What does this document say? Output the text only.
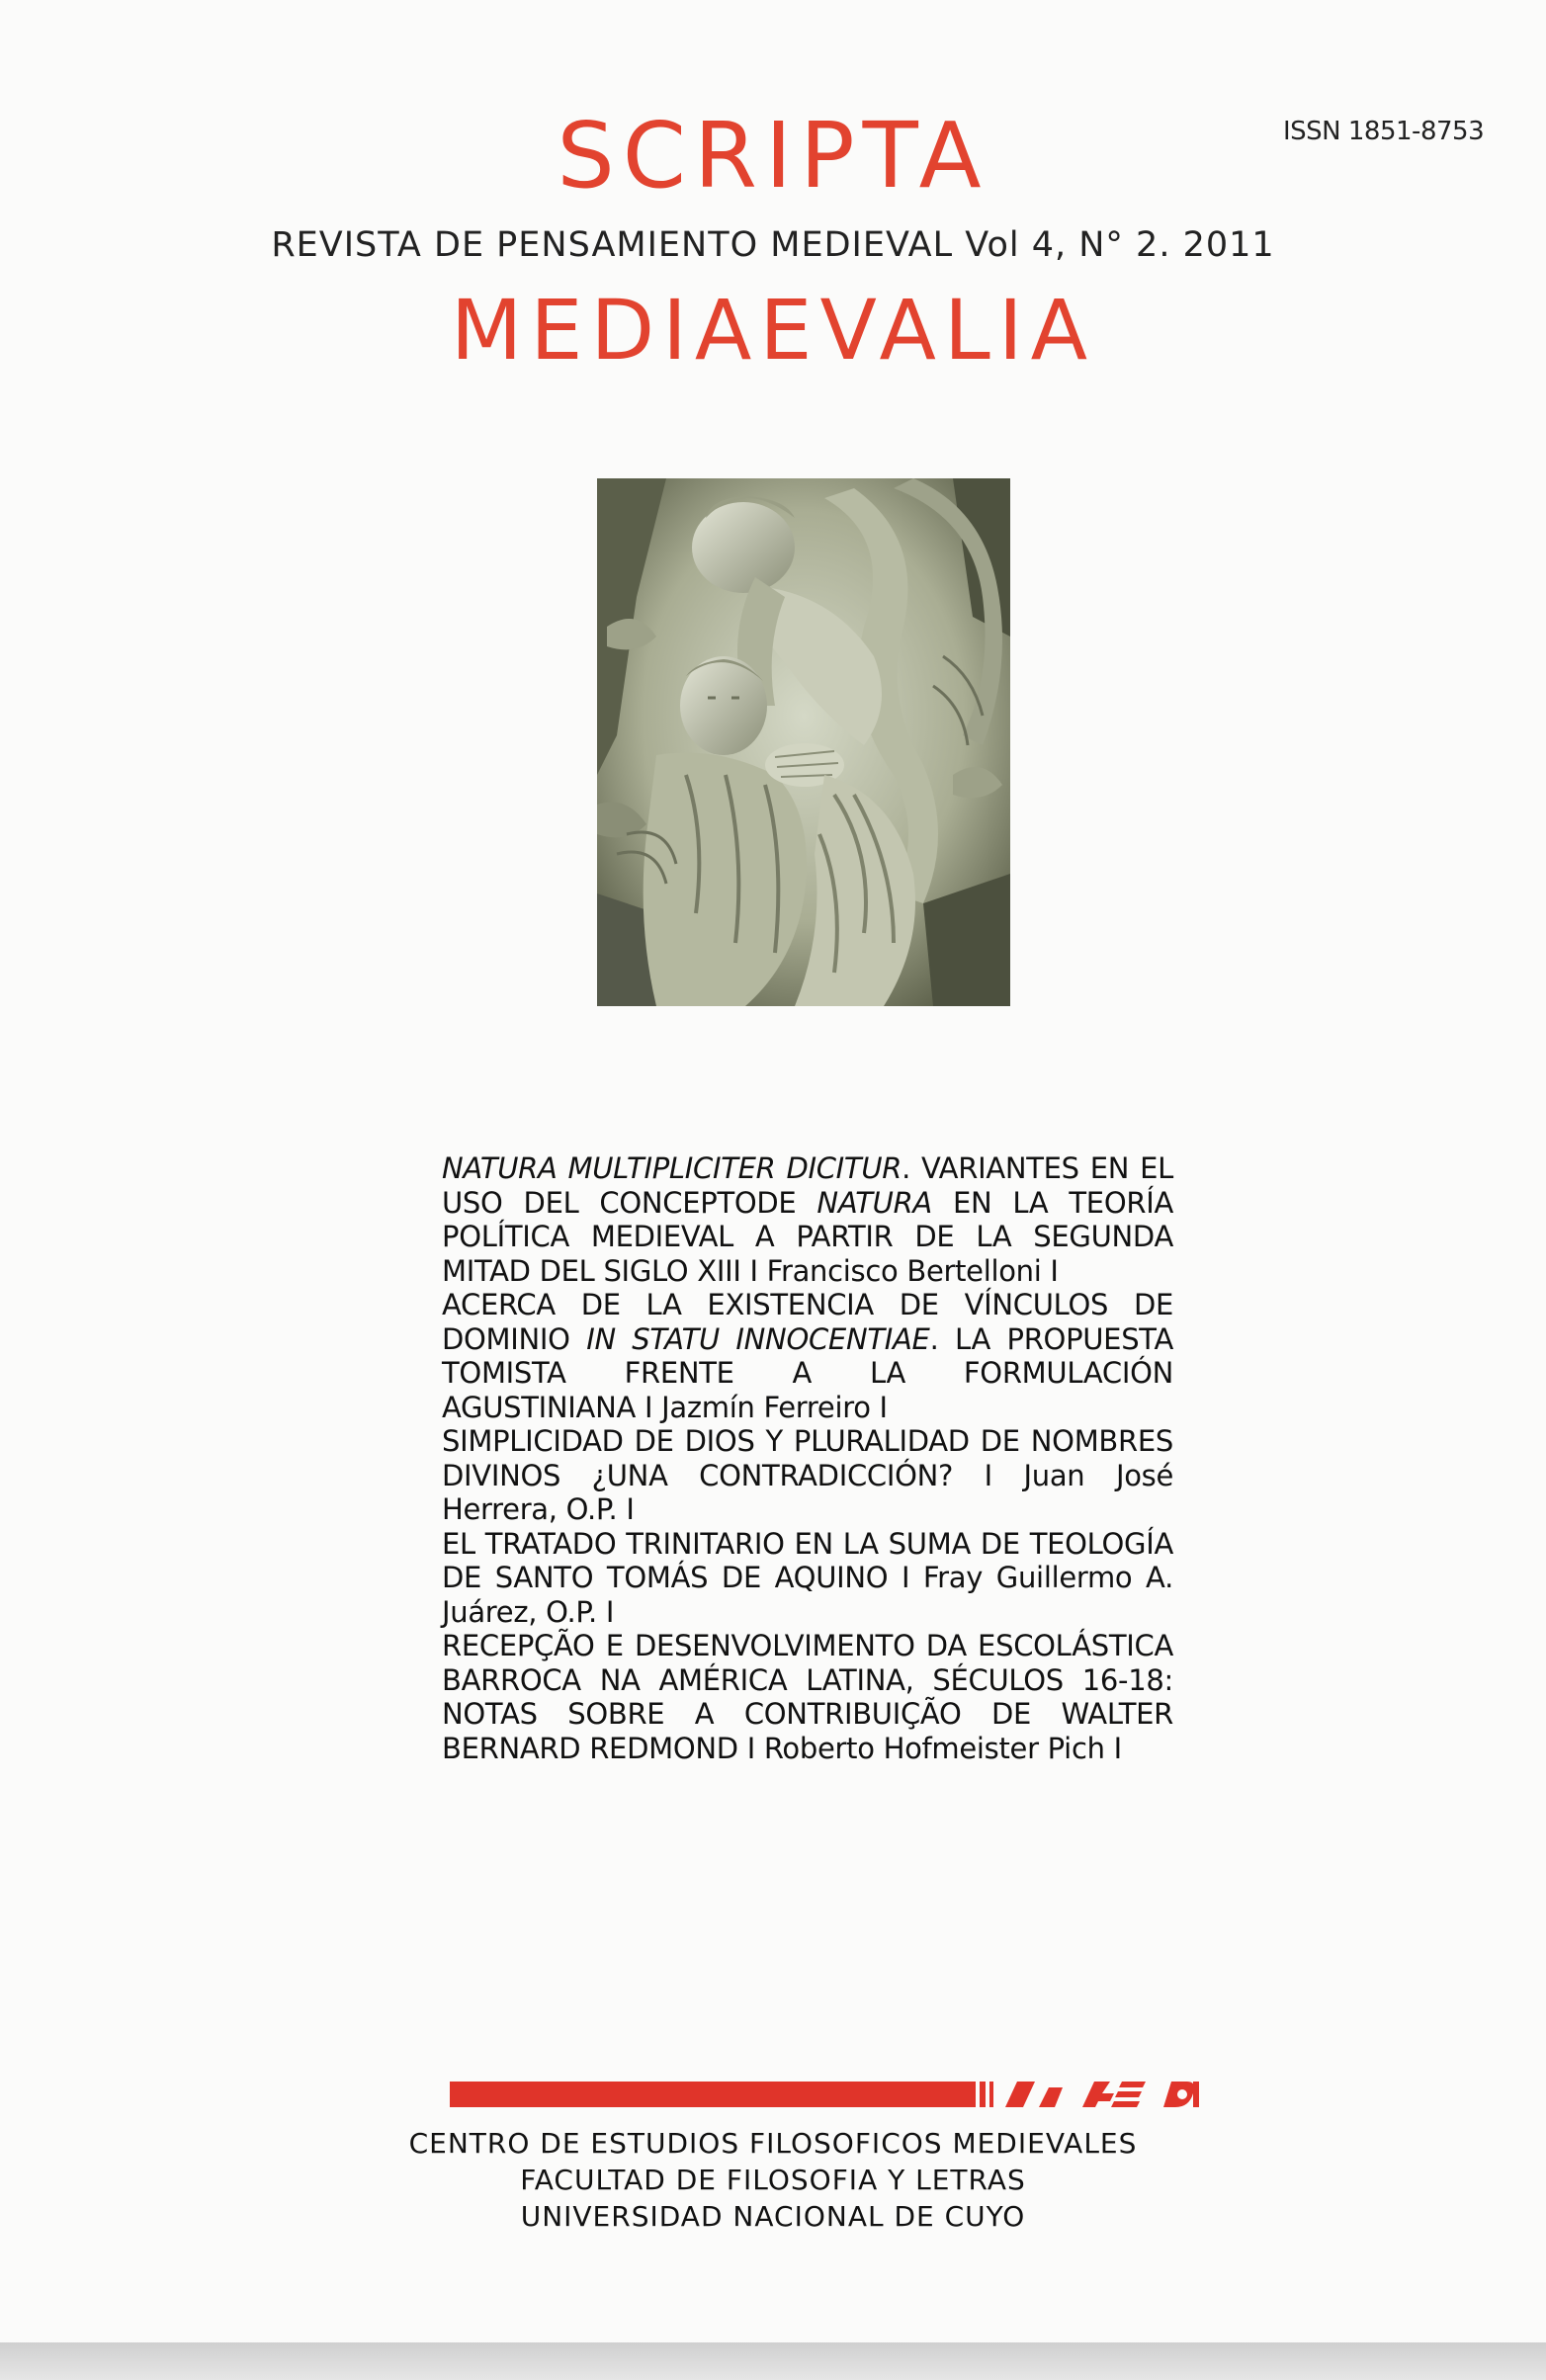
SCRIPTA	ISSN 1851-8753
REVISTA DE PENSAMIENTO MEDIEVAL Vol 4, N° 2. 2011
MEDIAEVALIA

NATURA MULTIPLICITER DICITUR. VARIANTES EN EL USO DEL CONCEPTODE NATURA EN LA TEORÍA POLÍTICA MEDIEVAL A PARTIR DE LA SEGUNDA MITAD DEL SIGLO XIII I Francisco Bertelloni I

ACERCA DE LA EXISTENCIA DE VÍNCULOS DE DOMINIO IN STATU INNOCENTIAE. LA PROPUESTA TOMISTA FRENTE A LA FORMULACIÓN AGUSTINIANA I Jazmín Ferreiro I

SIMPLICIDAD DE DIOS Y PLURALIDAD DE NOMBRES DIVINOS ¿UNA CONTRADICCIÓN? I Juan José Herrera, O.P. I

EL TRATADO TRINITARIO EN LA SUMA DE TEOLOGÍA DE SANTO TOMÁS DE AQUINO I Fray Guillermo A. Juárez, O.P. I

RECEPÇÃO E DESENVOLVIMENTO DA ESCOLÁSTICA BARROCA NA AMÉRICA LATINA, SÉCULOS 16-18: NOTAS SOBRE A CONTRIBUIÇÃO DE WALTER BERNARD REDMOND I Roberto Hofmeister Pich I

CENTRO DE ESTUDIOS FILOSOFICOS MEDIEVALES
FACULTAD DE FILOSOFIA Y LETRAS
UNIVERSIDAD NACIONAL DE CUYO
